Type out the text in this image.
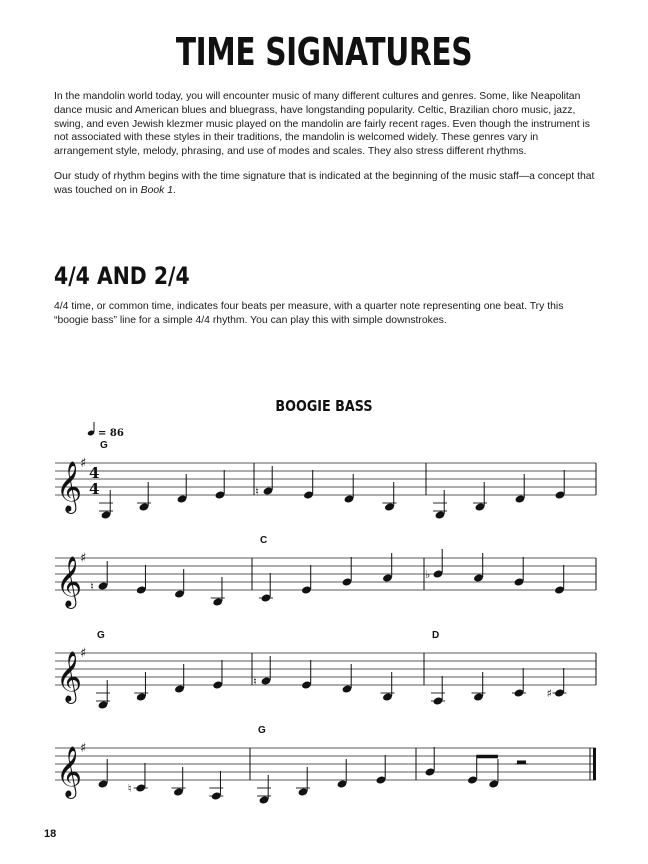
TIME SIGNATURES

In the mandolin world today, you will encounter music of many different cultures and genres. Some, like Neapolitan dance music and American blues and bluegrass, have longstanding popularity. Celtic, Brazilian choro music, jazz, swing, and even Jewish klezmer music played on the mandolin are fairly recent rages. Even though the instrument is not associated with these styles in their traditions, the mandolin is welcomed widely. These genres vary in arrangement style, melody, phrasing, and use of modes and scales. They also stress different rhythms.

Our study of rhythm begins with the time signature that is indicated at the beginning of the music staff—a concept that was touched on in Book 1.

4/4 AND 2/4

4/4 time, or common time, indicates four beats per measure, with a quarter note representing one beat. Try this “boogie bass” line for a simple 4/4 rhythm. You can play this with simple downstrokes.

BOOGIE BASS
= 86
𝄞
♯
4
4
G
♮
𝄞
♯
♮
C
♭
𝄞
♯
G
♮
D
♯
𝄞
♯
♮
G
18
